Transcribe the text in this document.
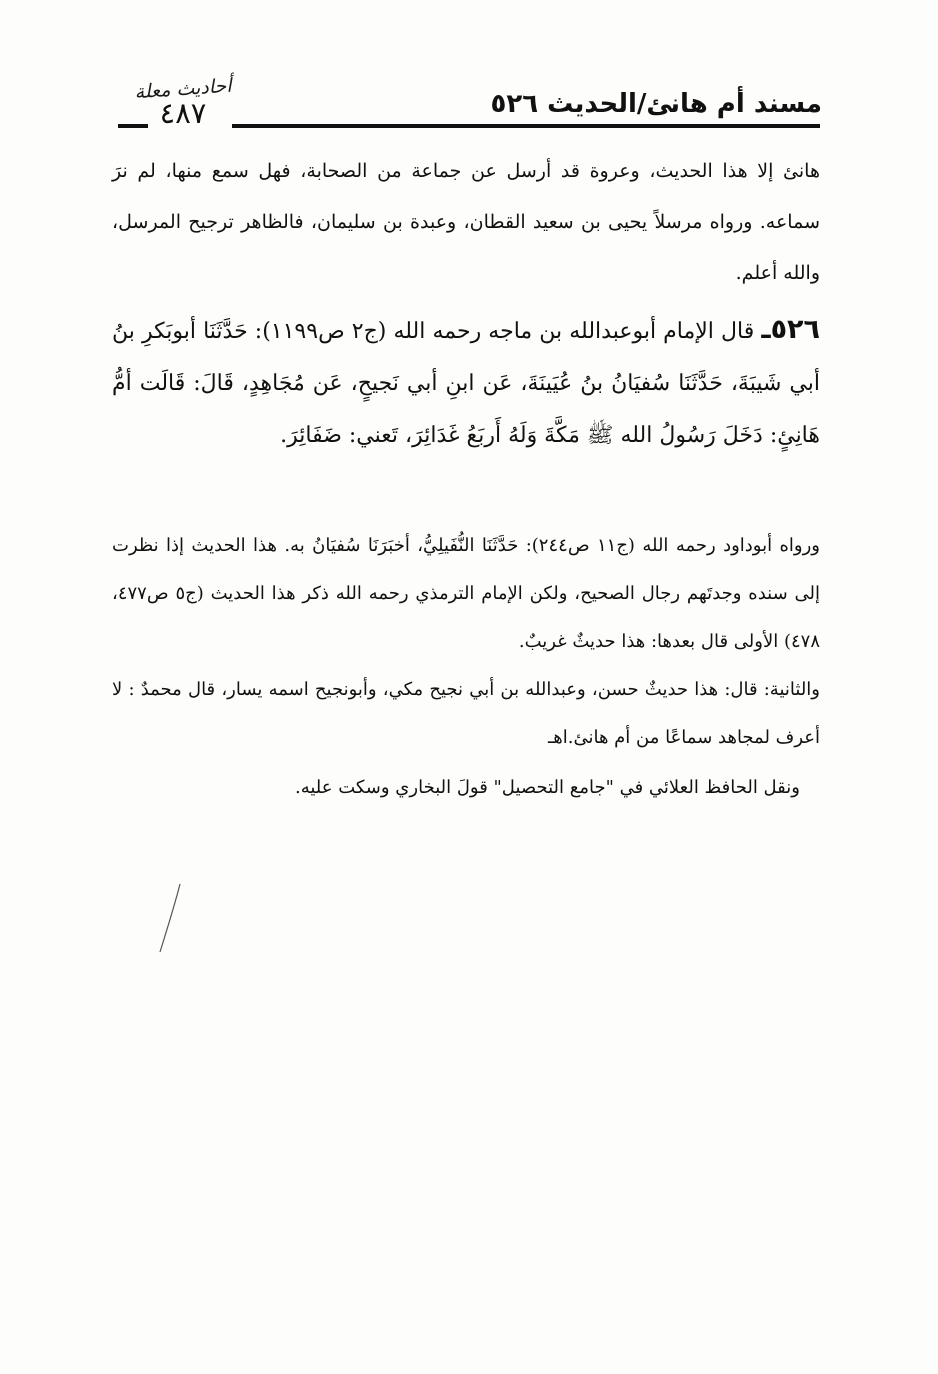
أحاديث معلة
٤٨٧	مسند أم هانئ/الحديث ٥٢٦

هانئ إلا هذا الحديث، وعروة قد أرسل عن جماعة من الصحابة، فهل سمع منها، لم نرَ سماعه. ورواه مرسلاً يحيى بن سعيد القطان، وعبدة بن سليمان، فالظاهر ترجيح المرسل، والله أعلم.

٥٢٦ـ قال الإمام أبوعبدالله بن ماجه رحمه الله (ج٢ ص١١٩٩): حَدَّثَنَا أبوبَكرِ بنُ أبي شَيبَةَ، حَدَّثَنَا سُفيَانُ بنُ عُيَينَةَ، عَن ابنِ أبي نَجيحٍ، عَن مُجَاهِدٍ، قَالَ: قَالَت أمُّ هَانِئٍ: دَخَلَ رَسُولُ الله ﷺ مَكَّةَ وَلَهُ أَربَعُ غَدَائِرَ، تَعني: ضَفَائِرَ.

ورواه أبوداود رحمه الله (ج١١ ص٢٤٤): حَدَّثَنَا النُّفَيلِيُّ، أخبَرَنَا سُفيَانُ به. هذا الحديث إذا نظرت إلى سنده وجدتَهم رجال الصحيح، ولكن الإمام الترمذي رحمه الله ذكر هذا الحديث (ج٥ ص٤٧٧، ٤٧٨) الأولى قال بعدها: هذا حديثٌ غريبٌ.

والثانية: قال: هذا حديثٌ حسن، وعبدالله بن أبي نجيح مكي، وأبونجيح اسمه يسار، قال محمدٌ : لا أعرف لمجاهد سماعًا من أم هانئ.اهـ

ونقل الحافظ العلائي في "جامع التحصيل" قولَ البخاري وسكت عليه.
